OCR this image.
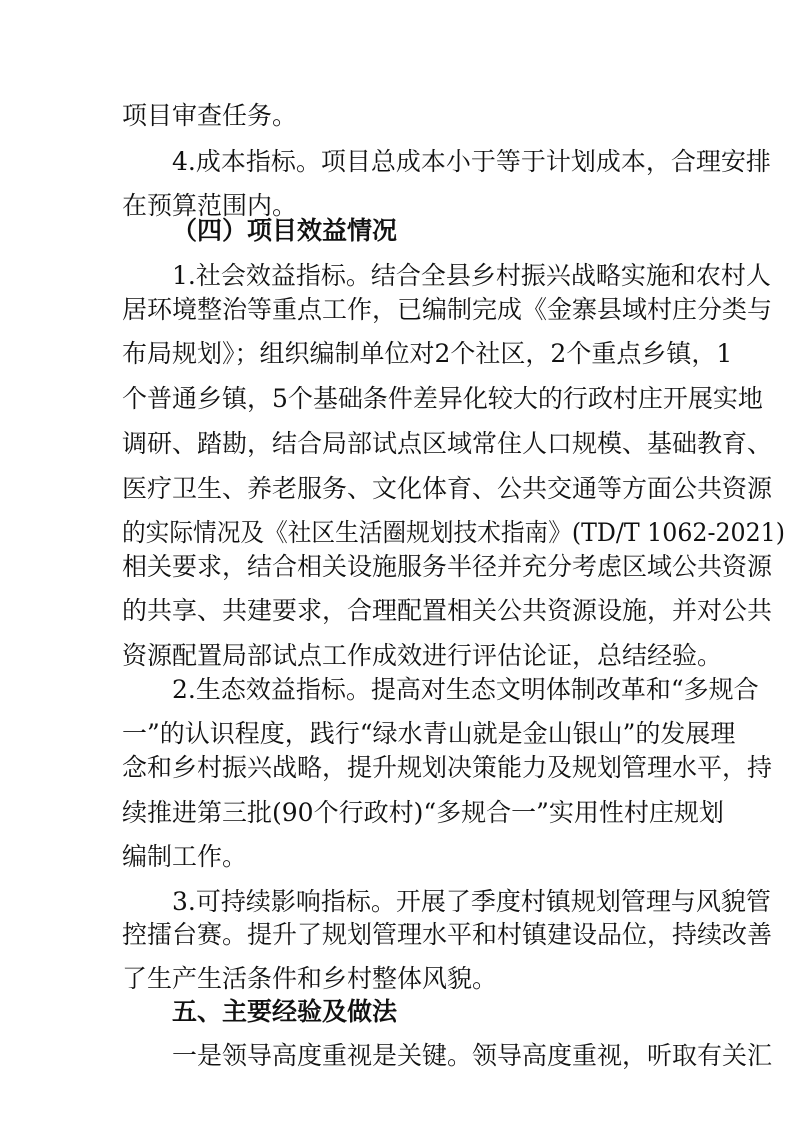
项目审查任务。
4.成本指标。项目总成本小于等于计划成本，合理安排
在预算范围内。
（四）项目效益情况
1.社会效益指标。结合全县乡村振兴战略实施和农村人
居环境整治等重点工作，已编制完成《金寨县域村庄分类与
布局规划》；组织编制单位对2个社区，2个重点乡镇，1
个普通乡镇，5个基础条件差异化较大的行政村庄开展实地
调研、踏勘，结合局部试点区域常住人口规模、基础教育、
医疗卫生、养老服务、文化体育、公共交通等方面公共资源
的实际情况及《社区生活圈规划技术指南》(TD/T 1062-2021)
相关要求，结合相关设施服务半径并充分考虑区域公共资源
的共享、共建要求，合理配置相关公共资源设施，并对公共
资源配置局部试点工作成效进行评估论证，总结经验。
2.生态效益指标。提高对生态文明体制改革和“多规合
一”的认识程度，践行“绿水青山就是金山银山”的发展理
念和乡村振兴战略，提升规划决策能力及规划管理水平，持
续推进第三批(90个行政村)“多规合一”实用性村庄规划
编制工作。
3.可持续影响指标。开展了季度村镇规划管理与风貌管
控擂台赛。提升了规划管理水平和村镇建设品位，持续改善
了生产生活条件和乡村整体风貌。
五、主要经验及做法
一是领导高度重视是关键。领导高度重视，听取有关汇
